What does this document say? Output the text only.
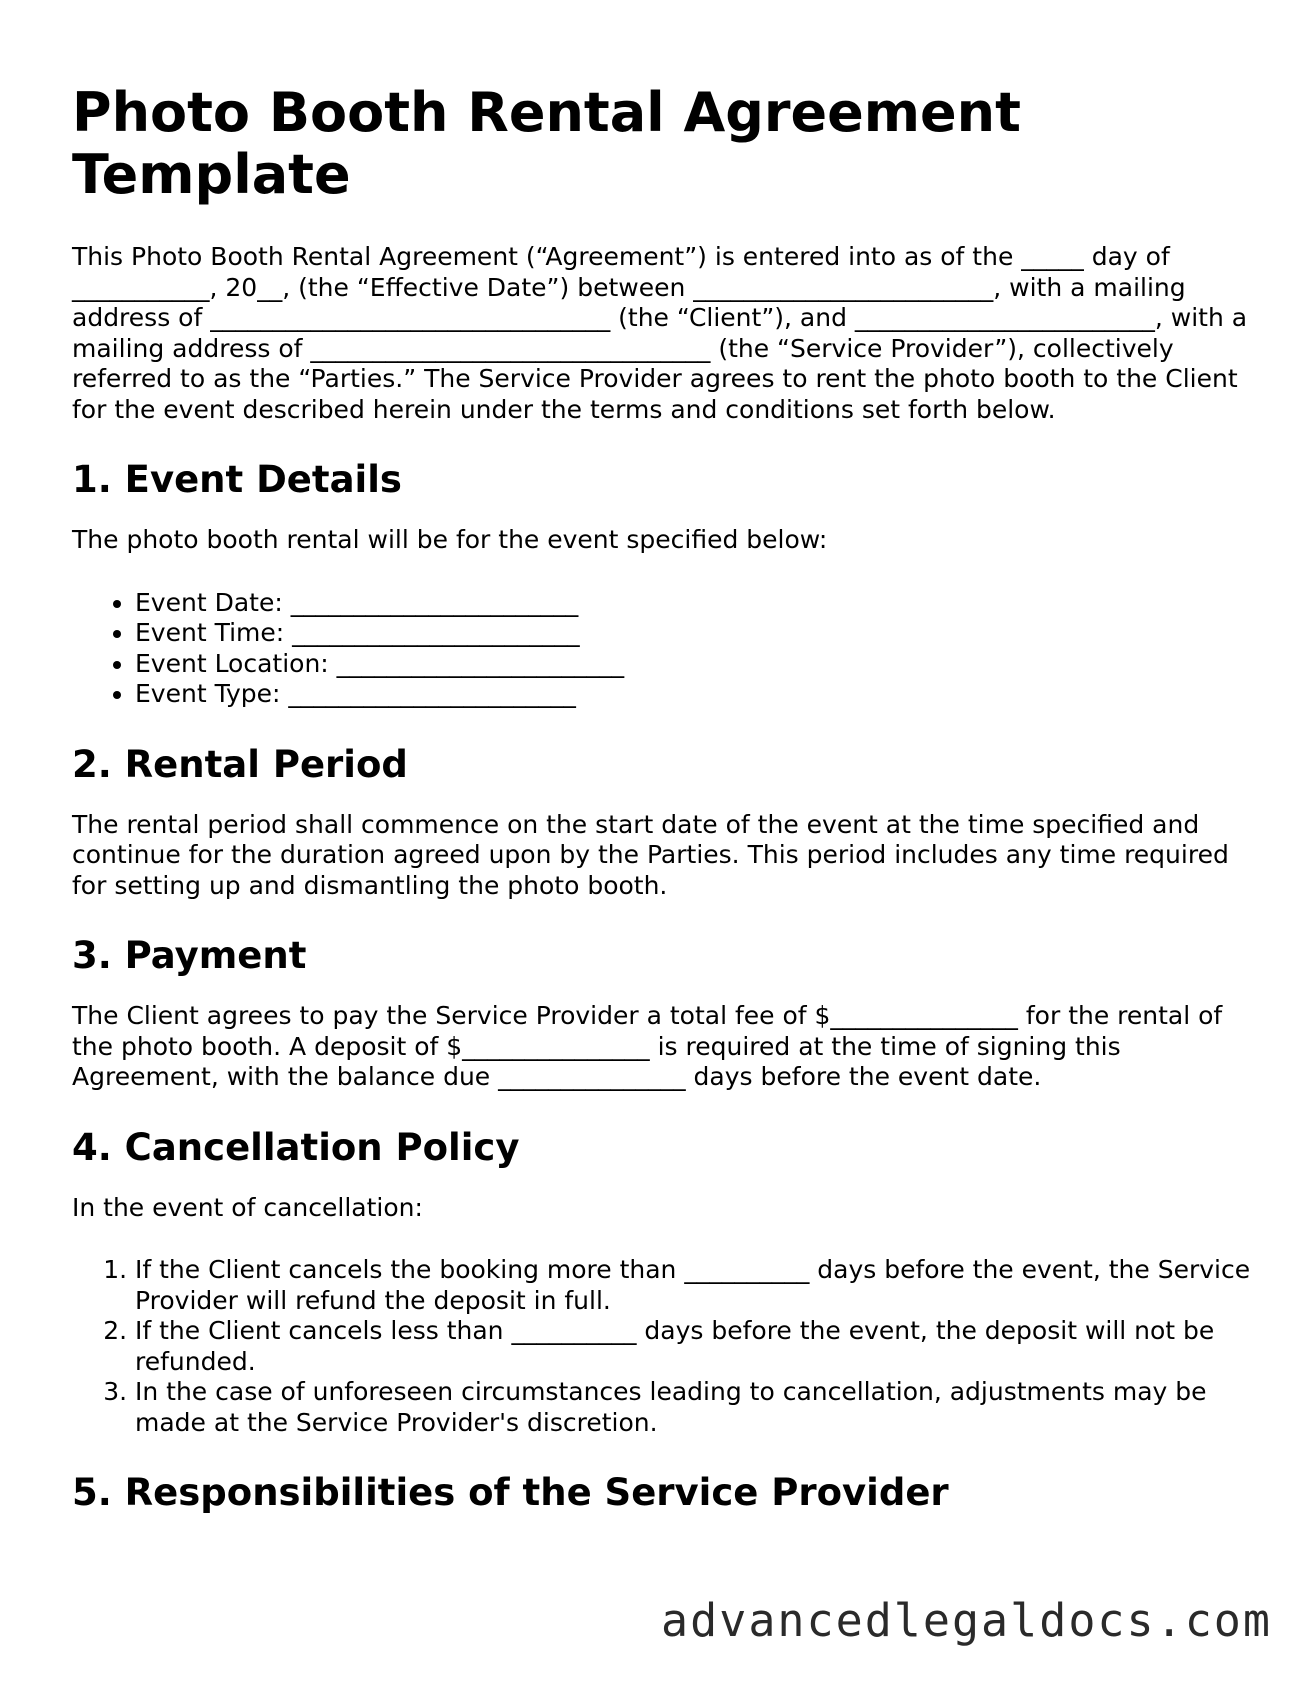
Photo Booth Rental Agreement Template

This Photo Booth Rental Agreement (“Agreement”) is entered into as of the _____ day of ___________, 20__, (the “Effective Date”) between ________________________, with a mailing address of ________________________________ (the “Client”), and ________________________, with a mailing address of ________________________________ (the “Service Provider”), collectively referred to as the “Parties.” The Service Provider agrees to rent the photo booth to the Client for the event described herein under the terms and conditions set forth below.

1. Event Details

The photo booth rental will be for the event specified below:

• Event Date: _______________________
• Event Time: _______________________
• Event Location: _______________________
• Event Type: _______________________
2. Rental Period

The rental period shall commence on the start date of the event at the time specified and continue for the duration agreed upon by the Parties. This period includes any time required for setting up and dismantling the photo booth.

3. Payment

The Client agrees to pay the Service Provider a total fee of $_______________ for the rental of the photo booth. A deposit of $_______________ is required at the time of signing this Agreement, with the balance due _______________ days before the event date.

4. Cancellation Policy

In the event of cancellation:

1. If the Client cancels the booking more than __________ days before the event, the Service Provider will refund the deposit in full.
2. If the Client cancels less than __________ days before the event, the deposit will not be refunded.
3. In the case of unforeseen circumstances leading to cancellation, adjustments may be made at the Service Provider's discretion.
5. Responsibilities of the Service Provider
advancedlegaldocs.com
